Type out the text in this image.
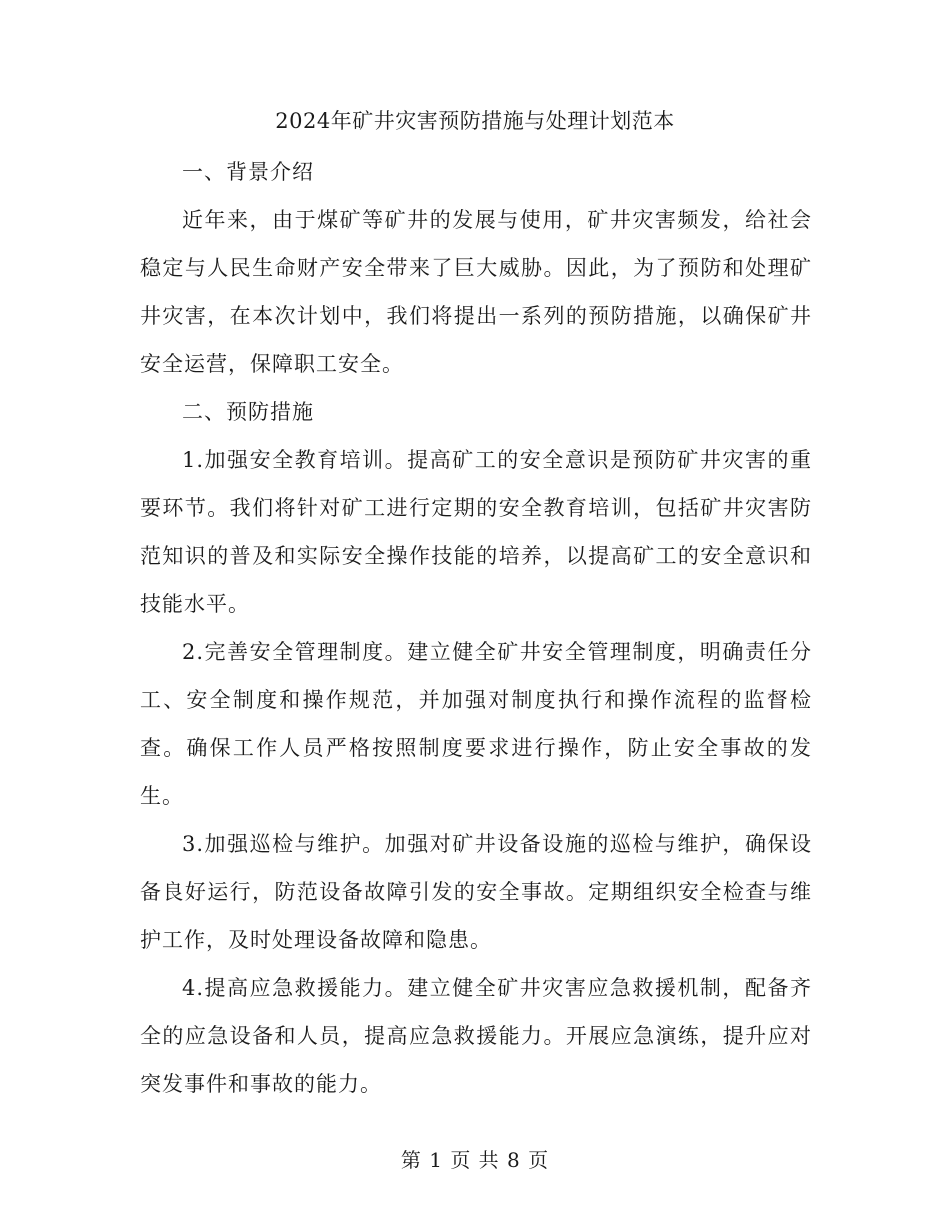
2024年矿井灾害预防措施与处理计划范本

一、背景介绍

近年来，由于煤矿等矿井的发展与使用，矿井灾害频发，给社会稳定与人民生命财产安全带来了巨大威胁。因此，为了预防和处理矿井灾害，在本次计划中，我们将提出一系列的预防措施，以确保矿井安全运营，保障职工安全。

二、预防措施

1.加强安全教育培训。提高矿工的安全意识是预防矿井灾害的重要环节。我们将针对矿工进行定期的安全教育培训，包括矿井灾害防范知识的普及和实际安全操作技能的培养，以提高矿工的安全意识和技能水平。

2.完善安全管理制度。建立健全矿井安全管理制度，明确责任分工、安全制度和操作规范，并加强对制度执行和操作流程的监督检查。确保工作人员严格按照制度要求进行操作，防止安全事故的发生。

3.加强巡检与维护。加强对矿井设备设施的巡检与维护，确保设备良好运行，防范设备故障引发的安全事故。定期组织安全检查与维护工作，及时处理设备故障和隐患。

4.提高应急救援能力。建立健全矿井灾害应急救援机制，配备齐全的应急设备和人员，提高应急救援能力。开展应急演练，提升应对突发事件和事故的能力。

第 1 页 共 8 页
